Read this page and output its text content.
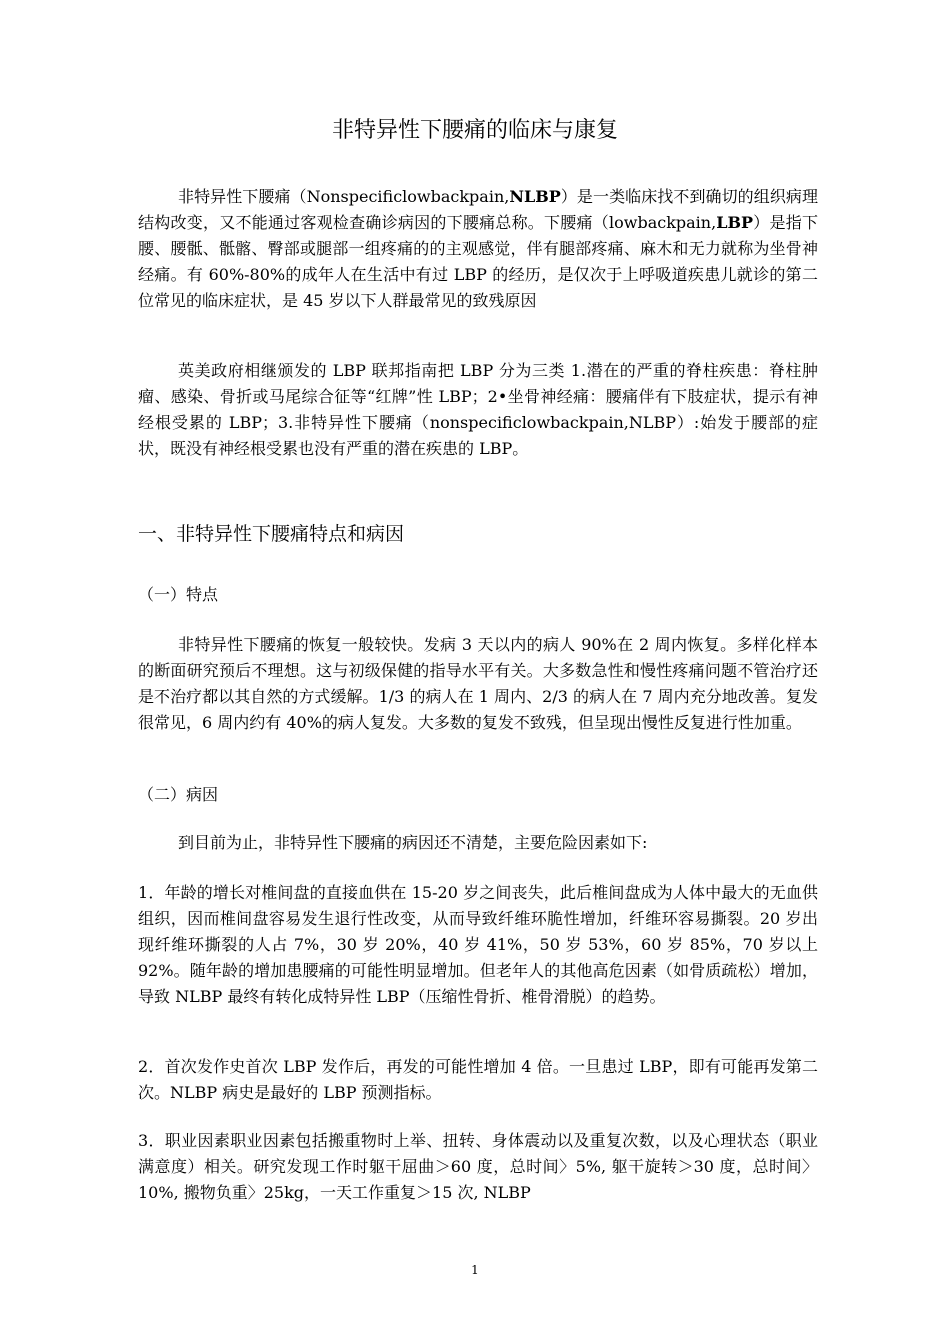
非特异性下腰痛的临床与康复
非特异性下腰痛（Nonspecificlowbackpain,NLBP）是一类临床找不到确切的组织病理结构改变，又不能通过客观检查确诊病因的下腰痛总称。下腰痛（lowbackpain,LBP）是指下腰、腰骶、骶髂、臀部或腿部一组疼痛的的主观感觉，伴有腿部疼痛、麻木和无力就称为坐骨神经痛。有 60%-80%的成年人在生活中有过 LBP 的经历，是仅次于上呼吸道疾患儿就诊的第二位常见的临床症状，是 45 岁以下人群最常见的致残原因
英美政府相继颁发的 LBP 联邦指南把 LBP 分为三类 1.潜在的严重的脊柱疾患：脊柱肿瘤、感染、骨折或马尾综合征等“红牌”性 LBP；2•坐骨神经痛：腰痛伴有下肢症状，提示有神经根受累的 LBP；3.非特异性下腰痛（nonspecificlowbackpain,NLBP）:始发于腰部的症状，既没有神经根受累也没有严重的潜在疾患的 LBP。
一、非特异性下腰痛特点和病因
（一）特点
非特异性下腰痛的恢复一般较快。发病 3 天以内的病人 90%在 2 周内恢复。多样化样本的断面研究预后不理想。这与初级保健的指导水平有关。大多数急性和慢性疼痛问题不管治疗还是不治疗都以其自然的方式缓解。1/3 的病人在 1 周内、2/3 的病人在 7 周内充分地改善。复发很常见，6 周内约有 40%的病人复发。大多数的复发不致残，但呈现出慢性反复进行性加重。
（二）病因
到目前为止，非特异性下腰痛的病因还不清楚，主要危险因素如下:
1．年龄的增长对椎间盘的直接血供在 15-20 岁之间丧失，此后椎间盘成为人体中最大的无血供组织，因而椎间盘容易发生退行性改变，从而导致纤维环脆性增加，纤维环容易撕裂。20 岁出现纤维环撕裂的人占 7%，30 岁 20%，40 岁 41%，50 岁 53%，60 岁 85%，70 岁以上 92%。随年龄的增加患腰痛的可能性明显增加。但老年人的其他高危因素（如骨质疏松）增加，导致 NLBP 最终有转化成特异性 LBP（压缩性骨折、椎骨滑脱）的趋势。
2．首次发作史首次 LBP 发作后，再发的可能性增加 4 倍。一旦患过 LBP，即有可能再发第二次。NLBP 病史是最好的 LBP 预测指标。
3．职业因素职业因素包括搬重物时上举、扭转、身体震动以及重复次数，以及心理状态（职业满意度）相关。研究发现工作时躯干屈曲＞60 度，总时间〉5%, 躯干旋转＞30 度，总时间〉10%, 搬物负重〉25kg，一天工作重复＞15 次, NLBP
1
